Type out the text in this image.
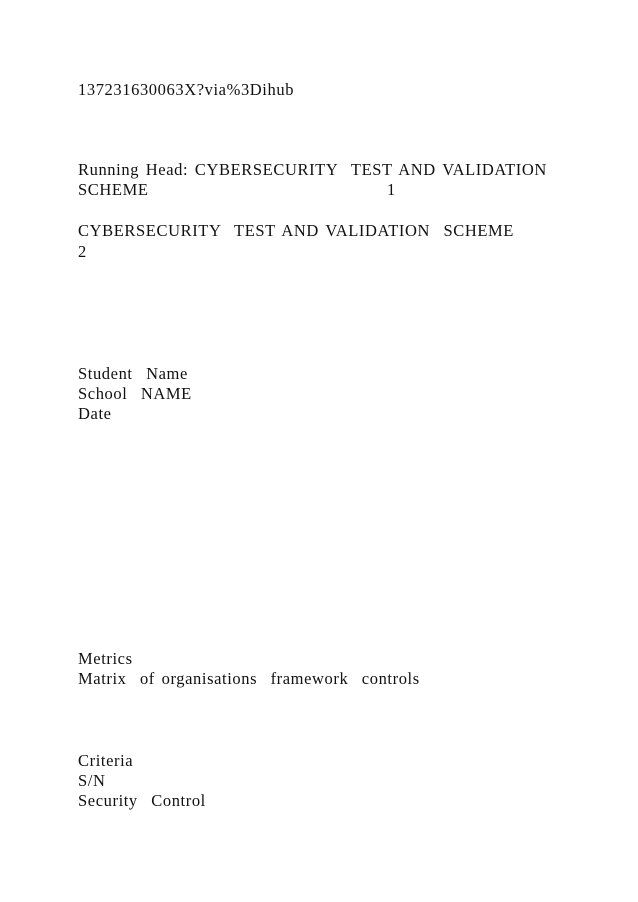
137231630063X?via%3Dihub
Running Head: CYBERSECURITY  TEST AND VALIDATION
SCHEME	1
CYBERSECURITY  TEST AND VALIDATION  SCHEME
2
Student  Name
School  NAME
Date
Metrics
Matrix  of organisations  framework  controls
Criteria
S/N
Security  Control
